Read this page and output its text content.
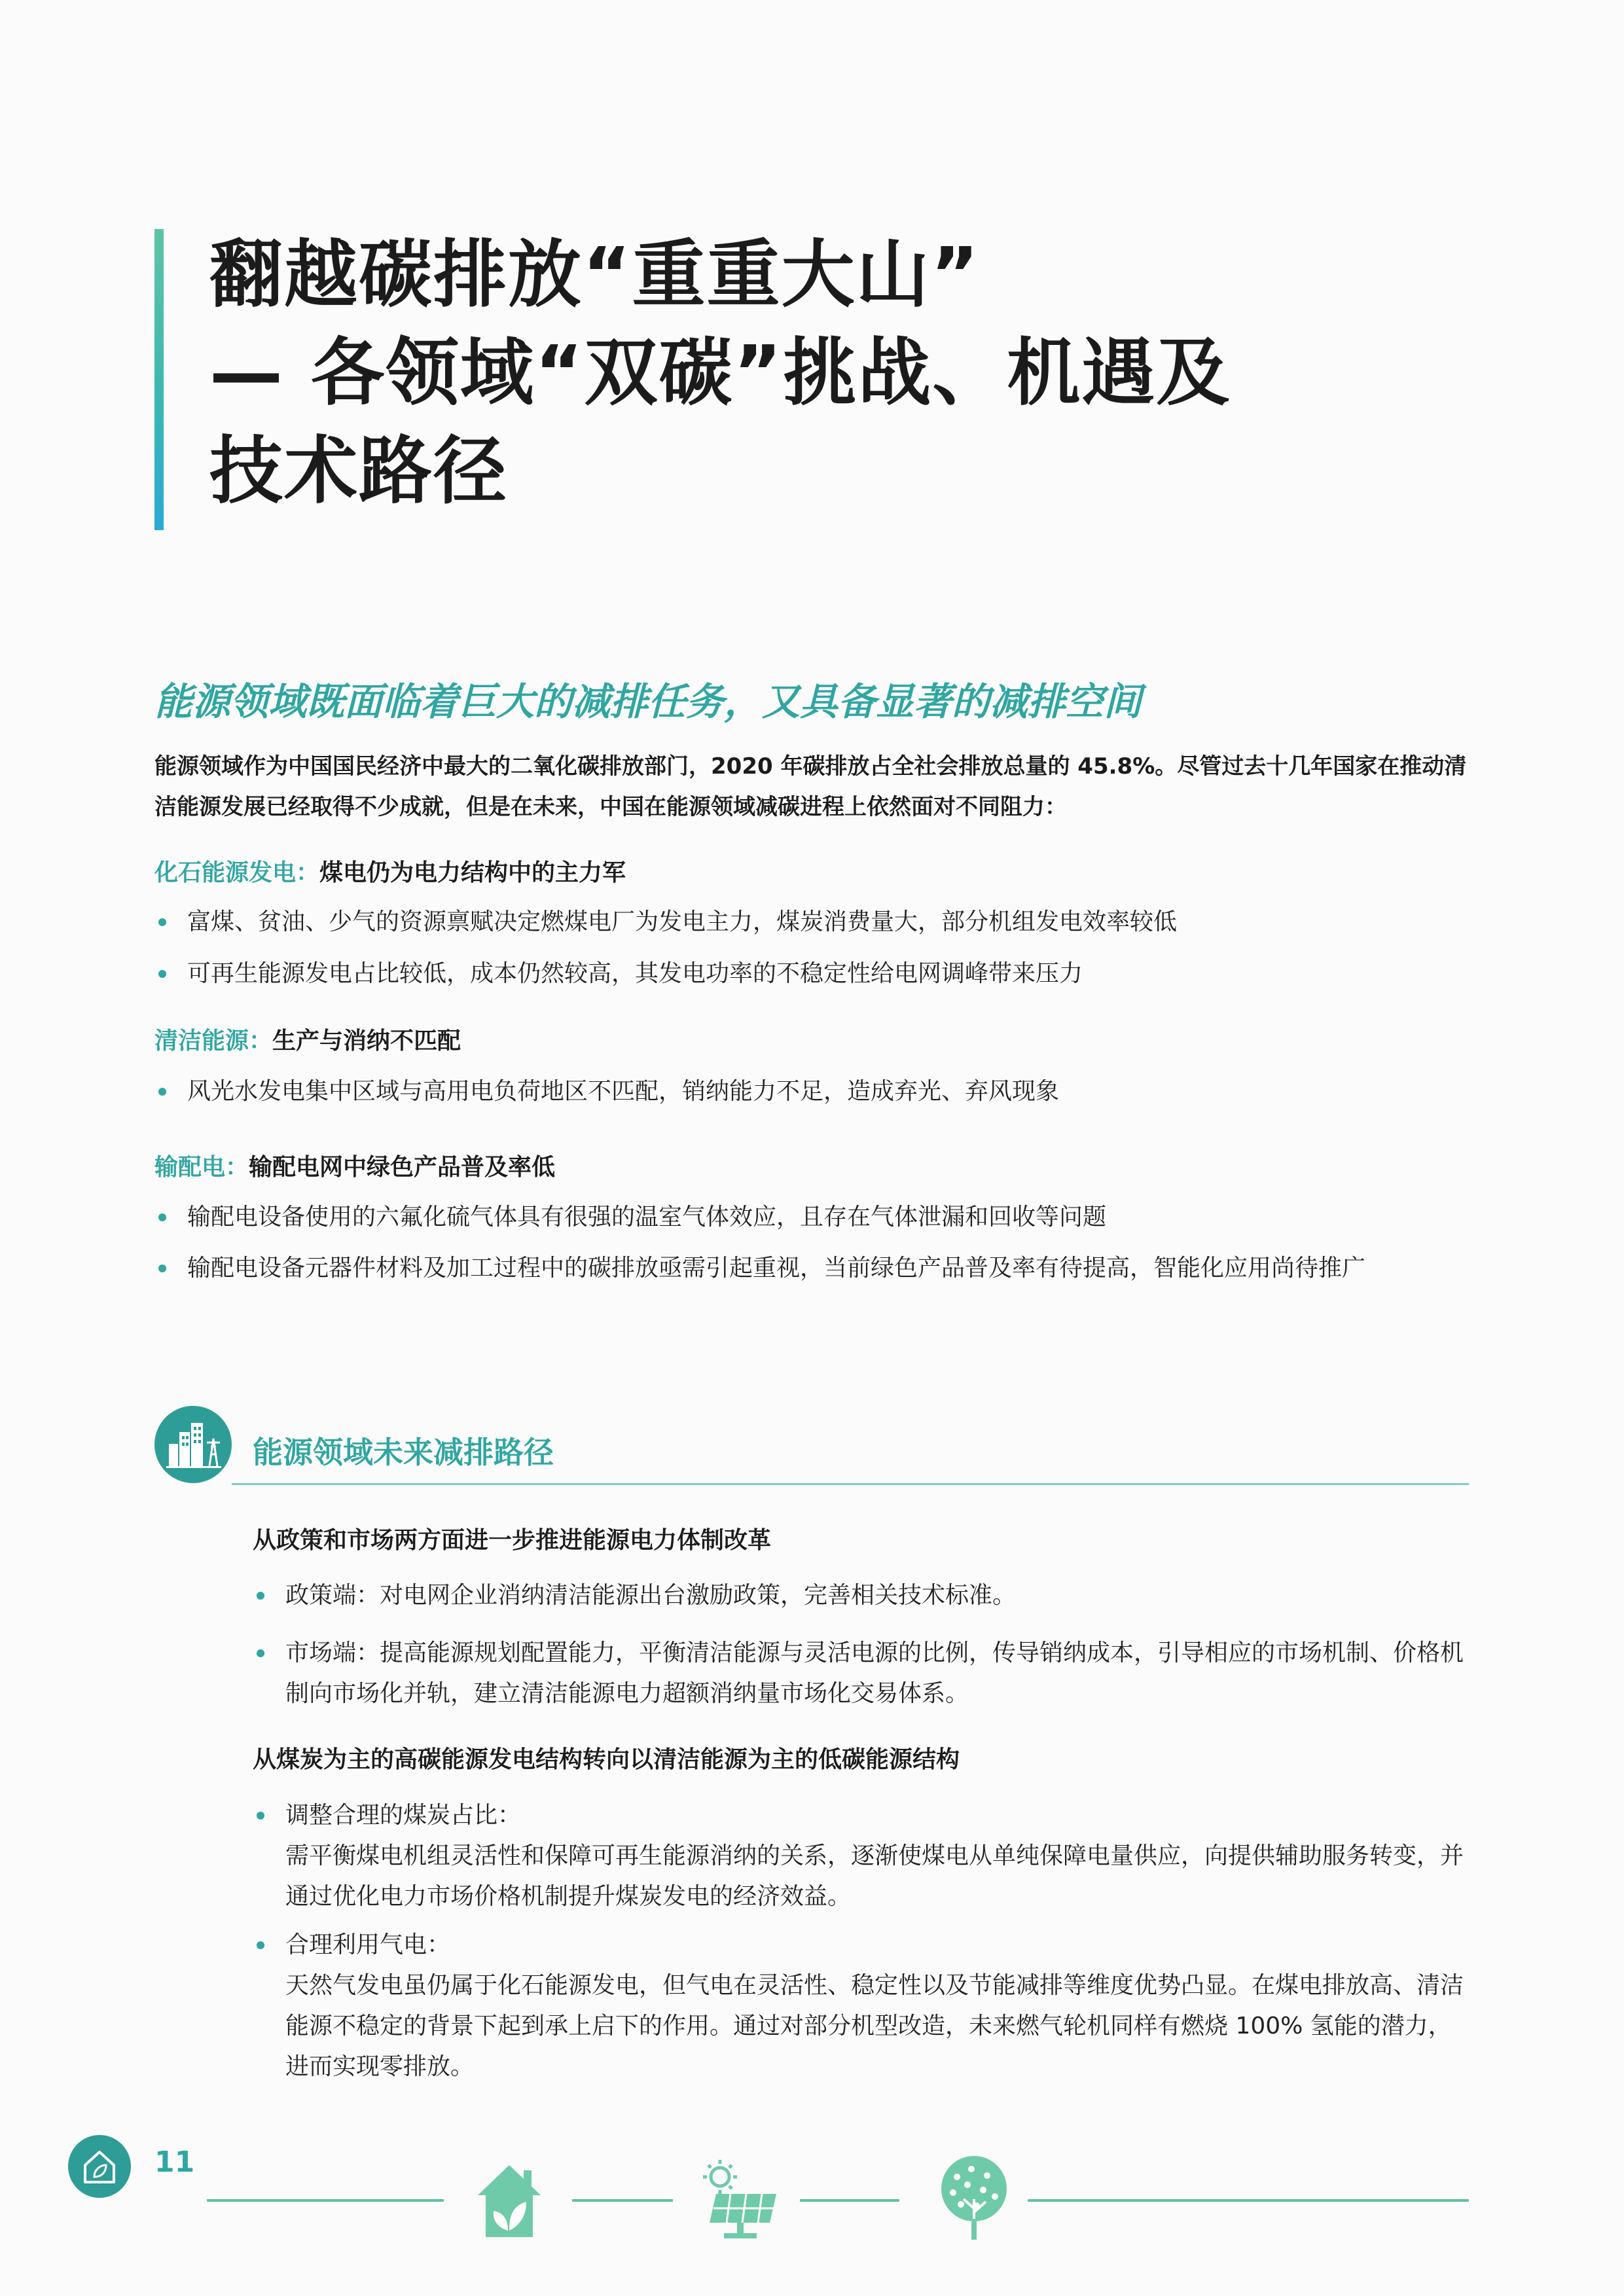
翻越碳排放“重重大山”
— 各领域“双碳”挑战、机遇及
技术路径
能源领域既面临着巨大的减排任务，又具备显著的减排空间
能源领域作为中国国民经济中最大的二氧化碳排放部门，2020 年碳排放占全社会排放总量的 45.8%。尽管过去十几年国家在推动清洁能源发展已经取得不少成就，但是在未来，中国在能源领域减碳进程上依然面对不同阻力：
化石能源发电：煤电仍为电力结构中的主力军
富煤、贫油、少气的资源禀赋决定燃煤电厂为发电主力，煤炭消费量大，部分机组发电效率较低
可再生能源发电占比较低，成本仍然较高，其发电功率的不稳定性给电网调峰带来压力
清洁能源：生产与消纳不匹配
风光水发电集中区域与高用电负荷地区不匹配，销纳能力不足，造成弃光、弃风现象
输配电：输配电网中绿色产品普及率低
输配电设备使用的六氟化硫气体具有很强的温室气体效应，且存在气体泄漏和回收等问题
输配电设备元器件材料及加工过程中的碳排放亟需引起重视，当前绿色产品普及率有待提高，智能化应用尚待推广
能源领域未来减排路径
从政策和市场两方面进一步推进能源电力体制改革
政策端：对电网企业消纳清洁能源出台激励政策，完善相关技术标准。
市场端：提高能源规划配置能力，平衡清洁能源与灵活电源的比例，传导销纳成本，引导相应的市场机制、价格机制向市场化并轨，建立清洁能源电力超额消纳量市场化交易体系。
从煤炭为主的高碳能源发电结构转向以清洁能源为主的低碳能源结构
调整合理的煤炭占比：
需平衡煤电机组灵活性和保障可再生能源消纳的关系，逐渐使煤电从单纯保障电量供应，向提供辅助服务转变，并通过优化电力市场价格机制提升煤炭发电的经济效益。
合理利用气电：
天然气发电虽仍属于化石能源发电，但气电在灵活性、稳定性以及节能减排等维度优势凸显。在煤电排放高、清洁能源不稳定的背景下起到承上启下的作用。通过对部分机型改造，未来燃气轮机同样有燃烧 100% 氢能的潜力，进而实现零排放。
11
